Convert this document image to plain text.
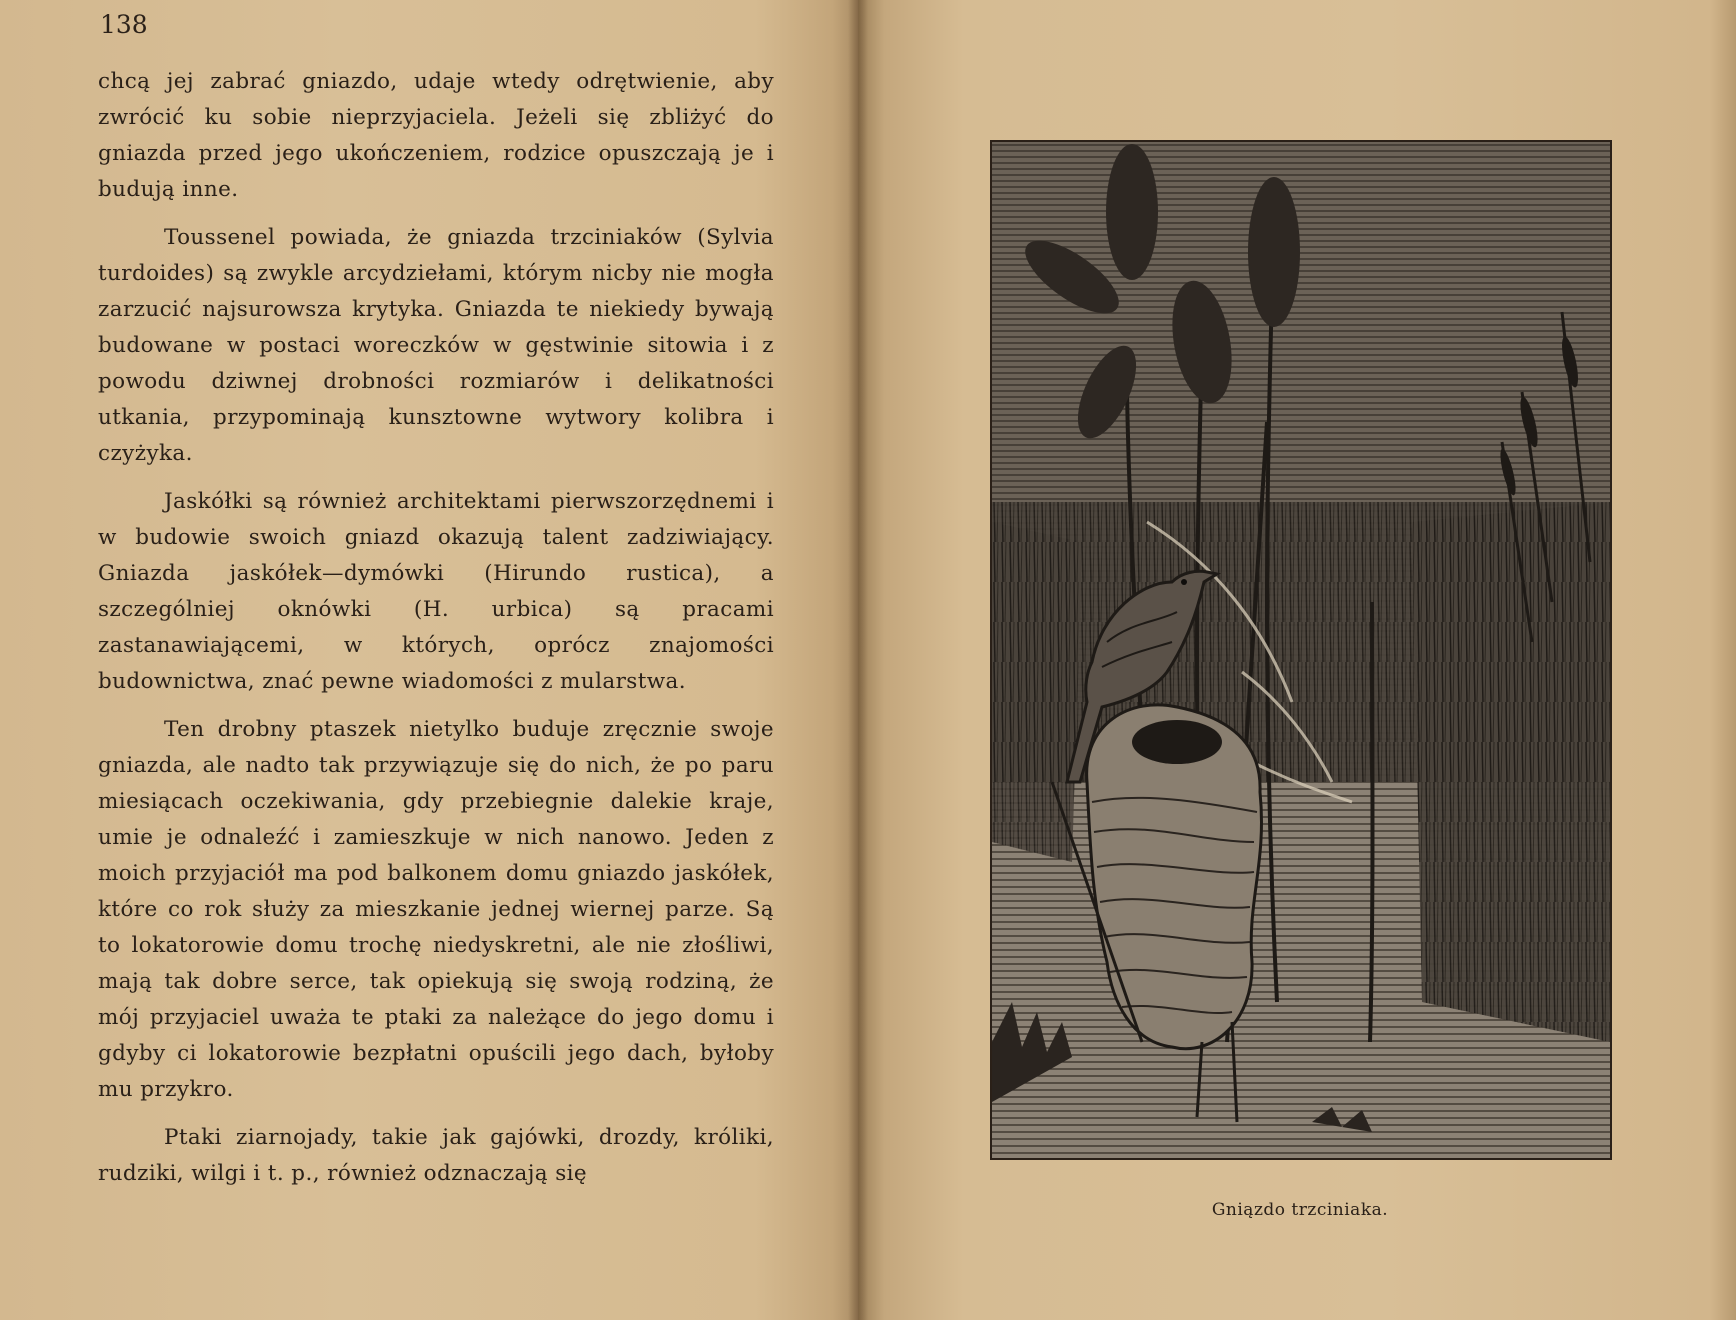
138

chcą jej zabrać gniazdo, udaje wtedy odrętwienie, aby zwrócić ku sobie nieprzyjaciela. Jeżeli się zbliżyć do gniazda przed jego ukończeniem, rodzice opuszczają je i budują inne.

Toussenel powiada, że gniazda trzciniaków (Sylvia turdoides) są zwykle arcydziełami, którym nicby nie mogła zarzucić najsurowsza krytyka. Gniazda te niekiedy bywają budowane w postaci woreczków w gęstwinie sitowia i z powodu dziwnej drobności rozmiarów i delikatności utkania, przypominają kunsztowne wytwory kolibra i czyżyka.

Jaskółki są również architektami pierwszorzędnemi i w budowie swoich gniazd okazują talent zadziwiający. Gniazda jaskółek—dymówki (Hirundo rustica), a szczególniej oknówki (H. urbica) są pracami zastanawiającemi, w których, oprócz znajomości budownictwa, znać pewne wiadomości z mularstwa.

Ten drobny ptaszek nietylko buduje zręcznie swoje gniazda, ale nadto tak przywiązuje się do nich, że po paru miesiącach oczekiwania, gdy przebiegnie dalekie kraje, umie je odnaleźć i zamieszkuje w nich nanowo. Jeden z moich przyjaciół ma pod balkonem domu gniazdo jaskółek, które co rok służy za mieszkanie jednej wiernej parze. Są to lokatorowie domu trochę niedyskretni, ale nie złośliwi, mają tak dobre serce, tak opiekują się swoją rodziną, że mój przyjaciel uważa te ptaki za należące do jego domu i gdyby ci lokatorowie bezpłatni opuścili jego dach, byłoby mu przykro.

Ptaki ziarnojady, takie jak gajówki, drozdy, króliki, rudziki, wilgi i t. p., również odznaczają się

Gniązdo trzciniaka.
